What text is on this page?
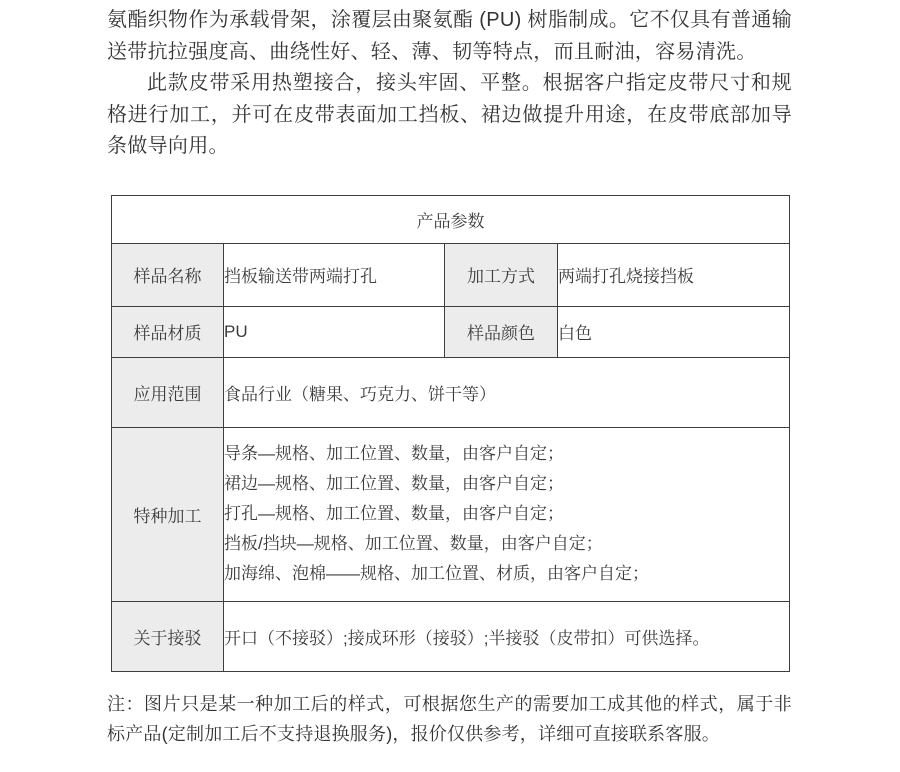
氨酯织物作为承载骨架，涂覆层由聚氨酯 (PU) 树脂制成。它不仅具有普通输送带抗拉强度高、曲绕性好、轻、薄、韧等特点，而且耐油，容易清洗。

此款皮带采用热塑接合，接头牢固、平整。根据客户指定皮带尺寸和规格进行加工，并可在皮带表面加工挡板、裙边做提升用途，在皮带底部加导条做导向用。

产品参数			
样品名称	挡板输送带两端打孔	加工方式	两端打孔烧接挡板
样品材质	PU	样品颜色	白色
应用范围	食品行业（糖果、巧克力、饼干等）		
特种加工	导条—规格、加工位置、数量，由客户自定；
裙边—规格、加工位置、数量，由客户自定；
打孔—规格、加工位置、数量，由客户自定；
挡板/挡块—规格、加工位置、数量，由客户自定；
加海绵、泡棉——规格、加工位置、材质，由客户自定；		

关于接驳	开口（不接驳）;接成环形（接驳）;半接驳（皮带扣）可供选择。		

注：图片只是某一种加工后的样式，可根据您生产的需要加工成其他的样式，属于非标产品(定制加工后不支持退换服务)，报价仅供参考，详细可直接联系客服。
